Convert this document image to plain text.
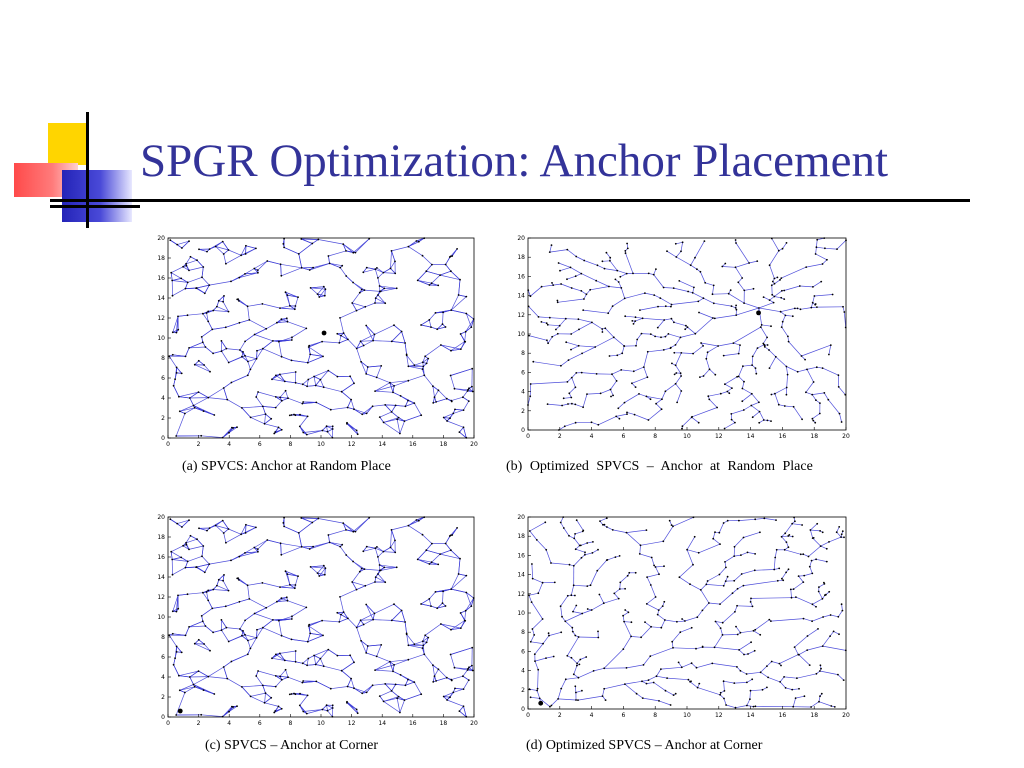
SPGR Optimization: Anchor Placement
0	2	4	6	8	10	12	14	16	18	20
0
2
4
6
8
10
12
14
16
18
20
(a) SPVCS: Anchor at Random Place
0	2	4	6	8	10	12	14	16	18	20
0
2
4
6
8
10
12
14
16
18
20
(b) Optimized SPVCS – Anchor at Random Place
0	2	4	6	8	10	12	14	16	18	20
0
2
4
6
8
10
12
14
16
18
20
(c) SPVCS – Anchor at Corner
0	2	4	6	8	10	12	14	16	18	20
0
2
4
6
8
10
12
14
16
18
20
(d) Optimized SPVCS – Anchor at Corner
